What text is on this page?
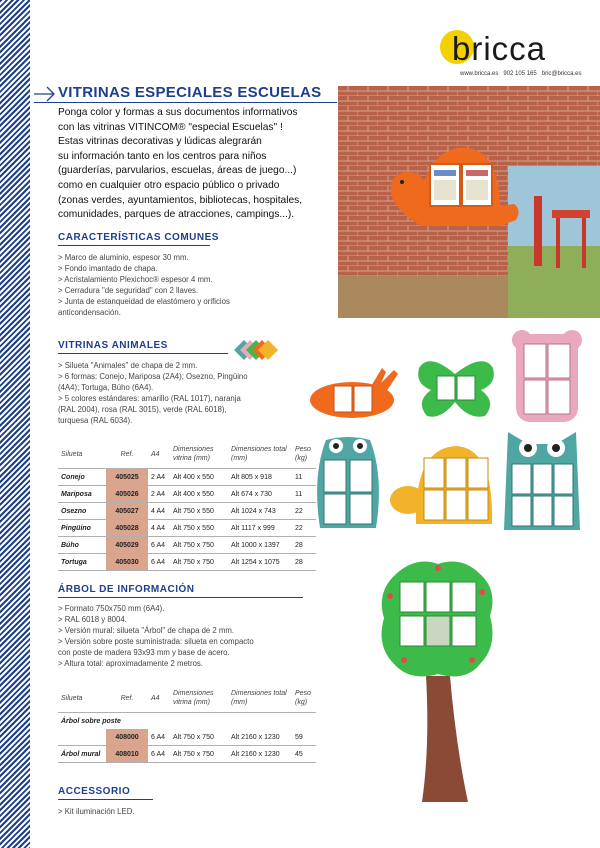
bricca
www.bricca.es 902 105 165 bric@bricca.es
VITRINAS ESPECIALES ESCUELAS
Ponga color y formas a sus documentos informativos
con las vitrinas VITINCOM® "especial Escuelas" !
Estas vitrinas decorativas y lúdicas alegrarán
su información tanto en los centros para niños
(guarderías, parvularios, escuelas, áreas de juego...)
como en cualquier otro espacio público o privado
(zonas verdes, ayuntamientos, bibliotecas, hospitales,
comunidades, parques de atracciones, campings...).
CARACTERÍSTICAS COMUNES
> Marco de aluminio, espesor 30 mm.
> Fondo imantado de chapa.
> Acristalamiento Plexichoc® espesor 4 mm.
> Cerradura "de seguridad" con 2 llaves.
> Junta de estanqueidad de elastómero y orificios
anticondensación.
VITRINAS ANIMALES
> Silueta "Animales" de chapa de 2 mm.
> 6 formas: Conejo, Mariposa (2A4); Osezno, Pingüino
(4A4); Tortuga, Búho (6A4).
> 5 colores estándares: amarillo (RAL 1017), naranja
(RAL 2004), rosa (RAL 3015), verde (RAL 6018),
turquesa (RAL 6034).
Silueta	Ref.	A4	Dimensiones vitrina (mm)	Dimensiones total (mm)	Peso (kg)
Conejo	405025	2 A4	Alt 400 x 550	Alt 805 x 918	11
Mariposa	405026	2 A4	Alt 400 x 550	Alt 674 x 730	11
Osezno	405027	4 A4	Alt 750 x 550	Alt 1024 x 743	22
Pingüino	405028	4 A4	Alt 750 x 550	Alt 1117 x 999	22
Búho	405029	6 A4	Alt 750 x 750	Alt 1000 x 1397	28
Tortuga	405030	6 A4	Alt 750 x 750	Alt 1254 x 1075	28
ÁRBOL DE INFORMACIÓN
> Formato 750x750 mm (6A4).
> RAL 6018 y 8004.
> Versión mural: silueta "Árbol" de chapa de 2 mm.
> Versión sobre poste suministrada: silueta en compacto
con poste de madera 93x93 mm y base de acero.
> Altura total: aproximadamente 2 metros.
Silueta	Ref.	A4	Dimensiones vitrina (mm)	Dimensiones total (mm)	Peso (kg)
Árbol sobre poste					
	408000	6 A4	Alt 750 x 750	Alt 2160 x 1230	59
Árbol mural	408010	6 A4	Alt 750 x 750	Alt 2160 x 1230	45
ACCESSORIO
> Kit iluminación LED.
